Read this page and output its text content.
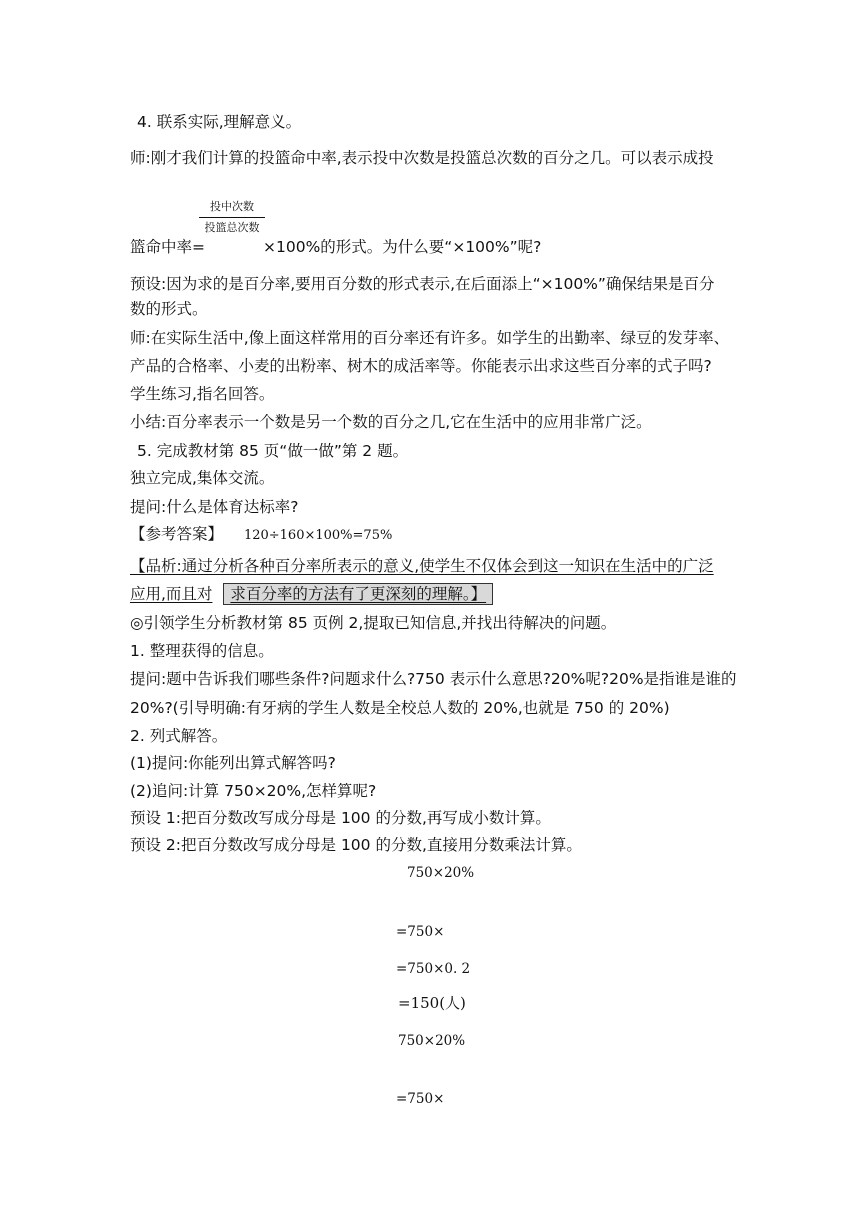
4. 联系实际,理解意义。
师:刚才我们计算的投篮命中率,表示投中次数是投篮总次数的百分之几。可以表示成投
投中次数
投篮总次数
篮命中率=	×100%的形式。为什么要“×100%”呢?
预设:因为求的是百分率,要用百分数的形式表示,在后面添上“×100%”确保结果是百分
数的形式。
师:在实际生活中,像上面这样常用的百分率还有许多。如学生的出勤率、绿豆的发芽率、
产品的合格率、小麦的出粉率、树木的成活率等。你能表示出求这些百分率的式子吗?
学生练习,指名回答。
小结:百分率表示一个数是另一个数的百分之几,它在生活中的应用非常广泛。
5. 完成教材第 85 页“做一做”第 2 题。
独立完成,集体交流。
提问:什么是体育达标率?
【参考答案】 120÷160×100%=75%
【品析:通过分析各种百分率所表示的意义,使学生不仅体会到这一知识在生活中的广泛
应用,而且对 求百分率的方法有了更深刻的理解。】
◎引领学生分析教材第 85 页例 2,提取已知信息,并找出待解决的问题。
1. 整理获得的信息。
提问:题中告诉我们哪些条件?问题求什么?750 表示什么意思?20%呢?20%是指谁是谁的
20%?(引导明确:有牙病的学生人数是全校总人数的 20%,也就是 750 的 20%)
2. 列式解答。
(1)提问:你能列出算式解答吗?
(2)追问:计算 750×20%,怎样算呢?
预设 1:把百分数改写成分母是 100 的分数,再写成小数计算。
预设 2:把百分数改写成分母是 100 的分数,直接用分数乘法计算。
750×20%
=750×
=750×0. 2
=150(人)
750×20%
=750×
